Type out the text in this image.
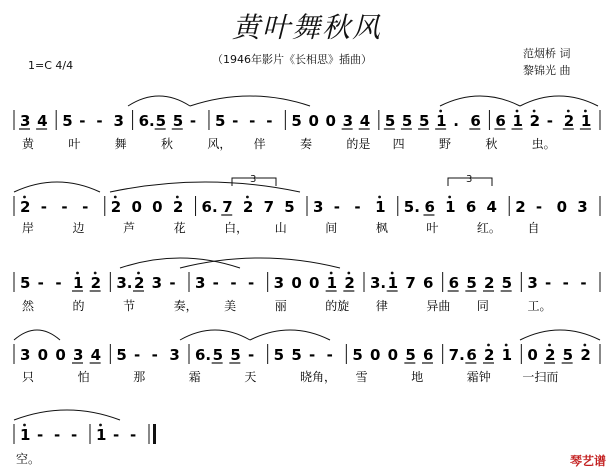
黄叶舞秋风
（1946年影片《长相思》插曲）	范烟桥 词
黎锦光 曲
1=C 4/4
3 4 5 - - 3 6. 5 5 - 5 - - - 5 0 0 3 4 5 5 5 1 . 6 6 1 2 - 2 1
黄	叶	舞	秋	风， 伴	奏	的是 四	野	秋	虫。
2 - - - 2 0 0 2 6. 7 2 7 5 3 - - 1 5. 6 1 6 4 2 - 0 3
岸	边	芦	花	白， 山	间	枫	叶	红。 自
5 - - 1 2 3. 2 3 - 3 - - - 3 0 0 1 2 3. 1 7 6 6 5 2 5 3 - - -
然	的	节	奏， 美	丽	的旋 律	异曲 同	工。
3 0 0 3 4 5 - - 3 6. 5 5 - 5 5 - - 5 0 0 5 6 7. 6 2 1 0 2 5 2
只	怕	那	霜	天	晓角， 雪	地	霜钟	一扫而
1 - - - 1 - -
空。
3	3
琴艺谱
